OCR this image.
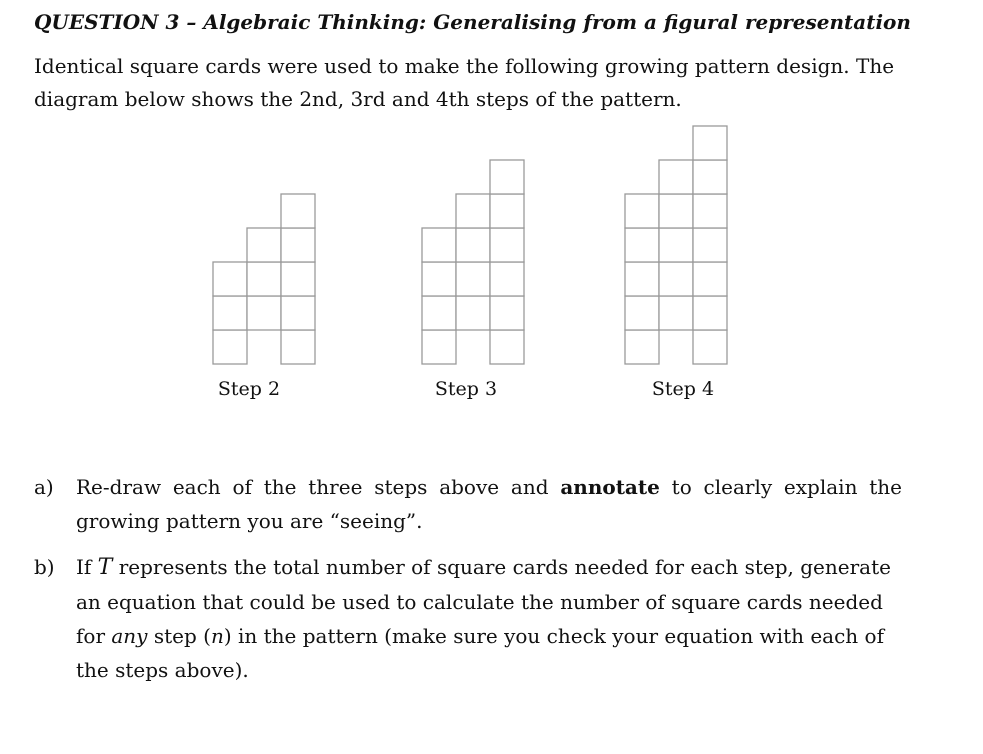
QUESTION 3 – Algebraic Thinking: Generalising from a figural representation
Identical square cards were used to make the following growing pattern design. The
diagram below shows the 2nd, 3rd and 4th steps of the pattern.
Step 2	Step 3	Step 4
a) Re-draw each of the three steps above and annotate to clearly explain the growing pattern you are “seeing”.
b) If T represents the total number of square cards needed for each step, generate an equation that could be used to calculate the number of square cards needed for any step (n) in the pattern (make sure you check your equation with each of the steps above).
